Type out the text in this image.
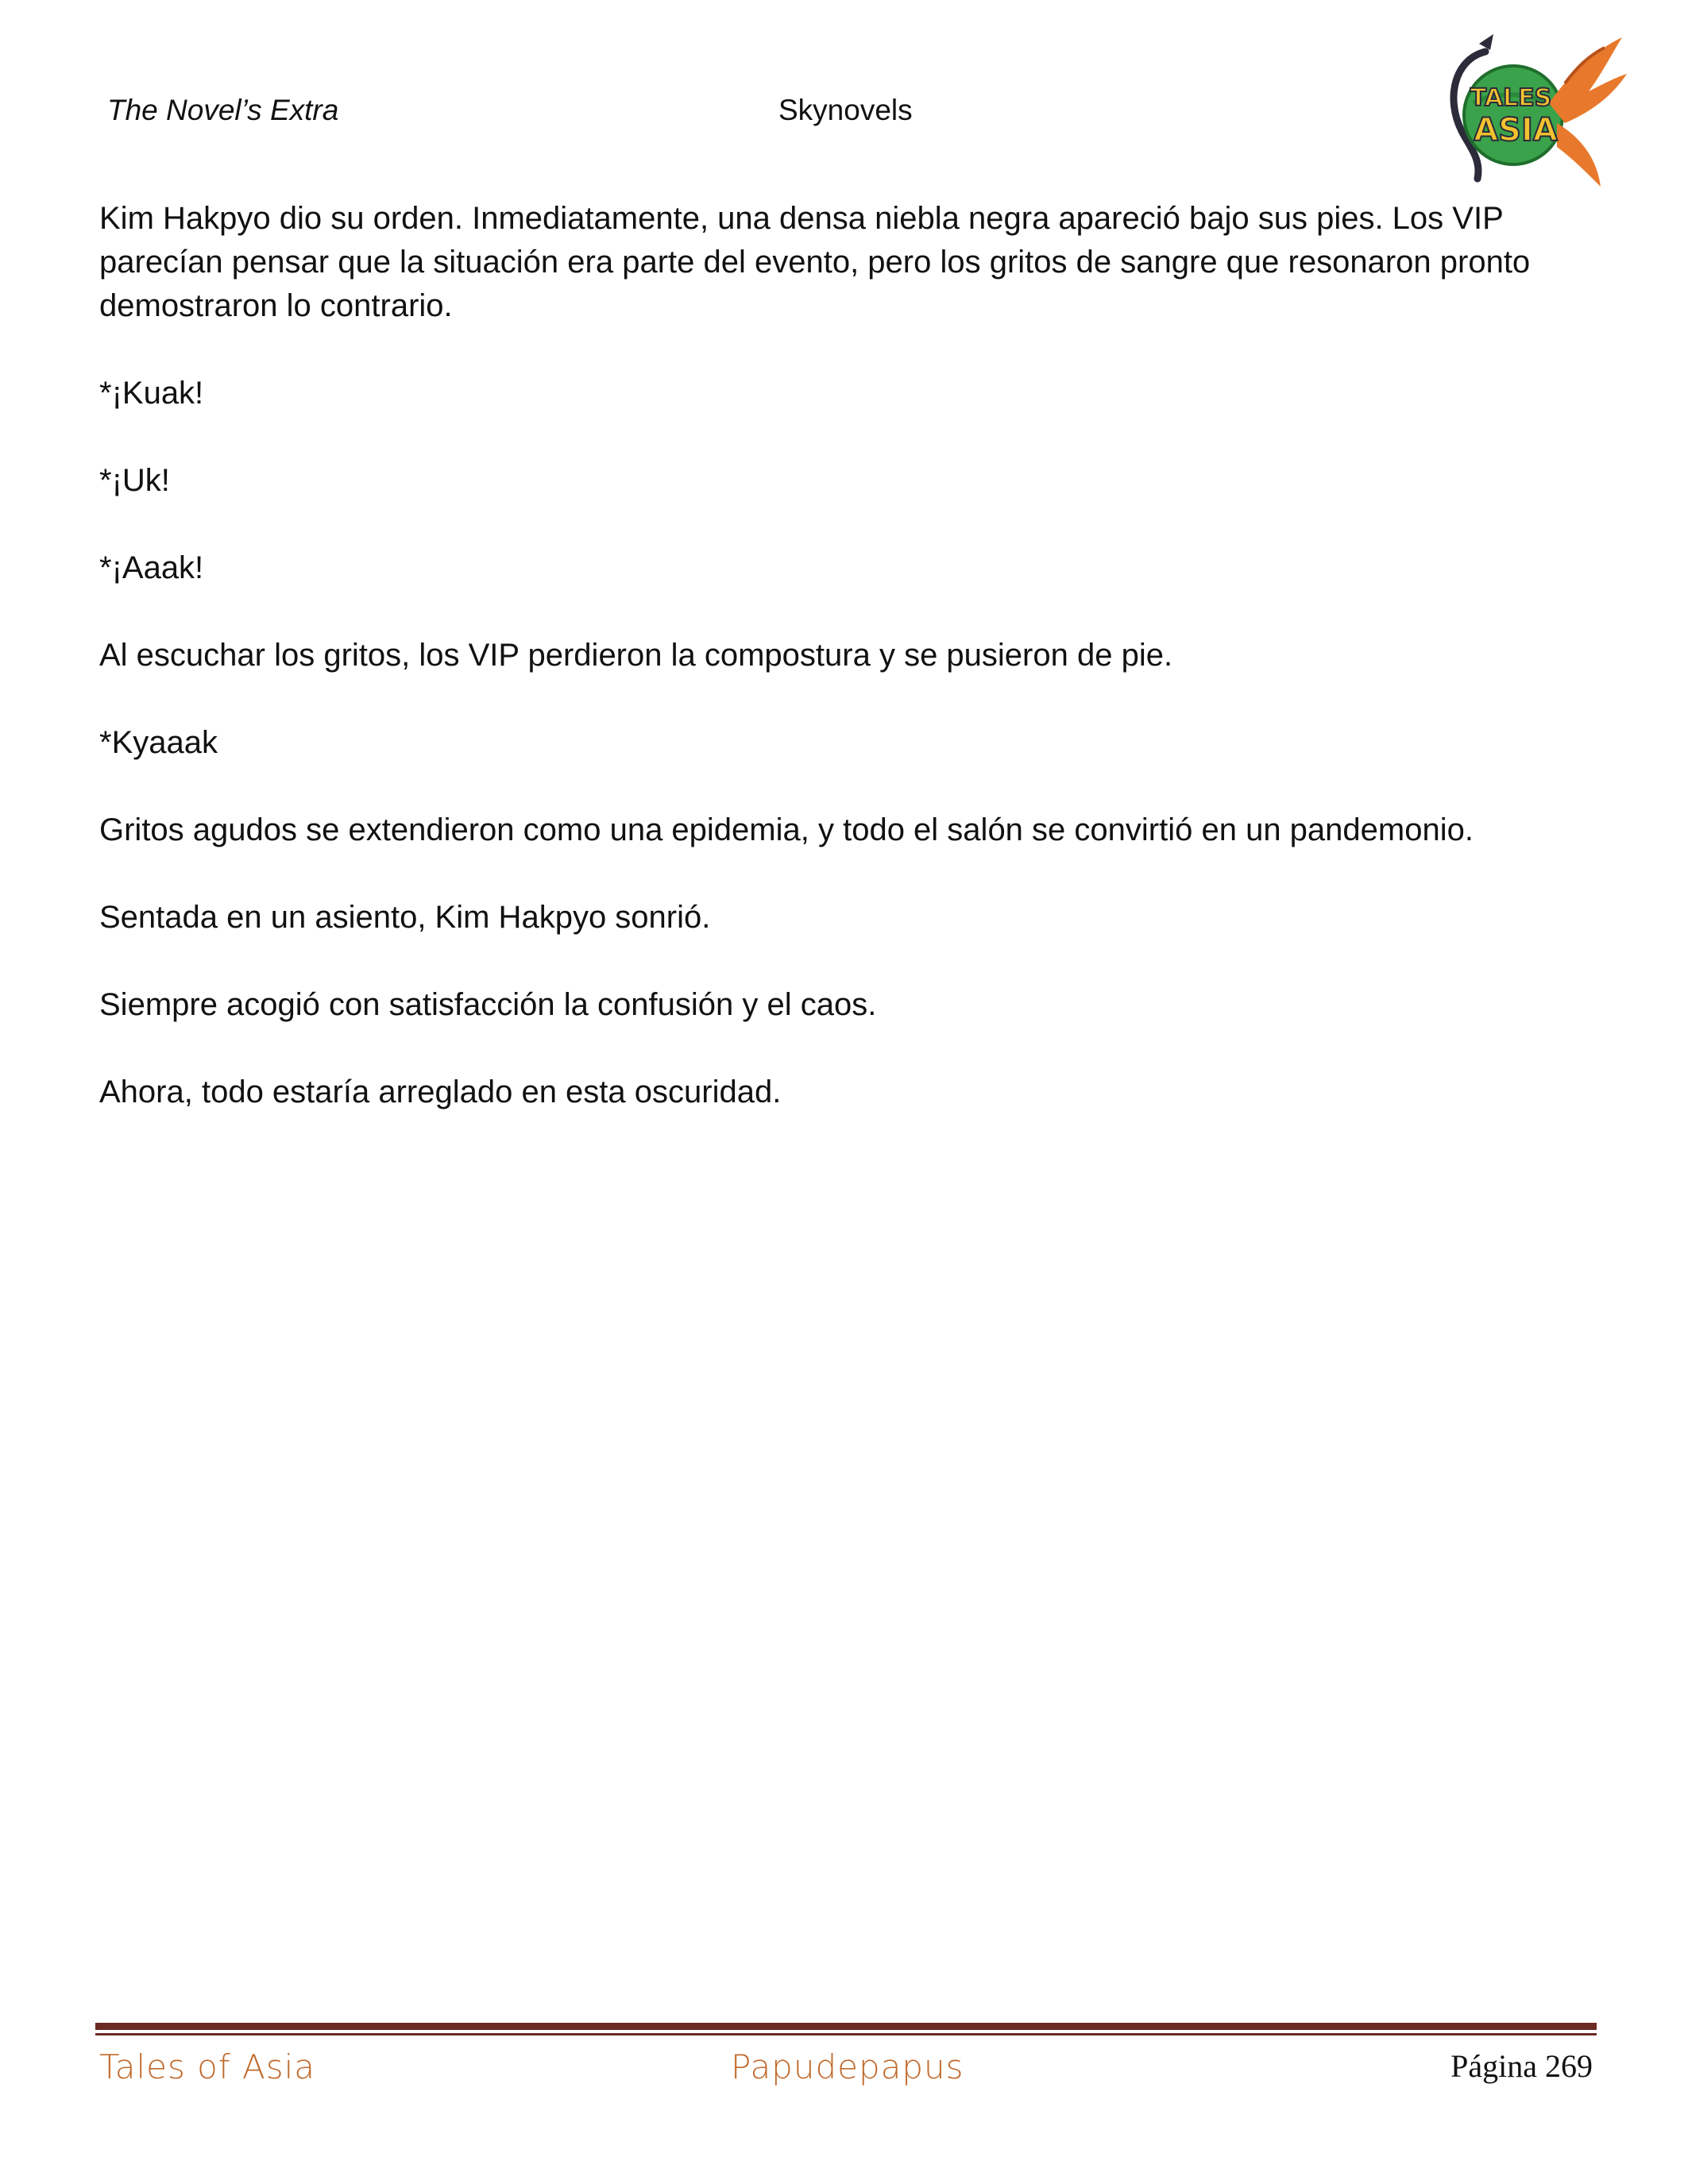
The Novel’s Extra	Skynovels	TALES
ASIA

Kim Hakpyo dio su orden. Inmediatamente, una densa niebla negra apareció bajo sus pies. Los VIP parecían pensar que la situación era parte del evento, pero los gritos de sangre que resonaron pronto demostraron lo contrario.

*¡Kuak!

*¡Uk!

*¡Aaak!

Al escuchar los gritos, los VIP perdieron la compostura y se pusieron de pie.

*Kyaaak

Gritos agudos se extendieron como una epidemia, y todo el salón se convirtió en un pandemonio.

Sentada en un asiento, Kim Hakpyo sonrió.

Siempre acogió con satisfacción la confusión y el caos.

Ahora, todo estaría arreglado en esta oscuridad.

Tales of Asia	Papudepapus	Página 269
